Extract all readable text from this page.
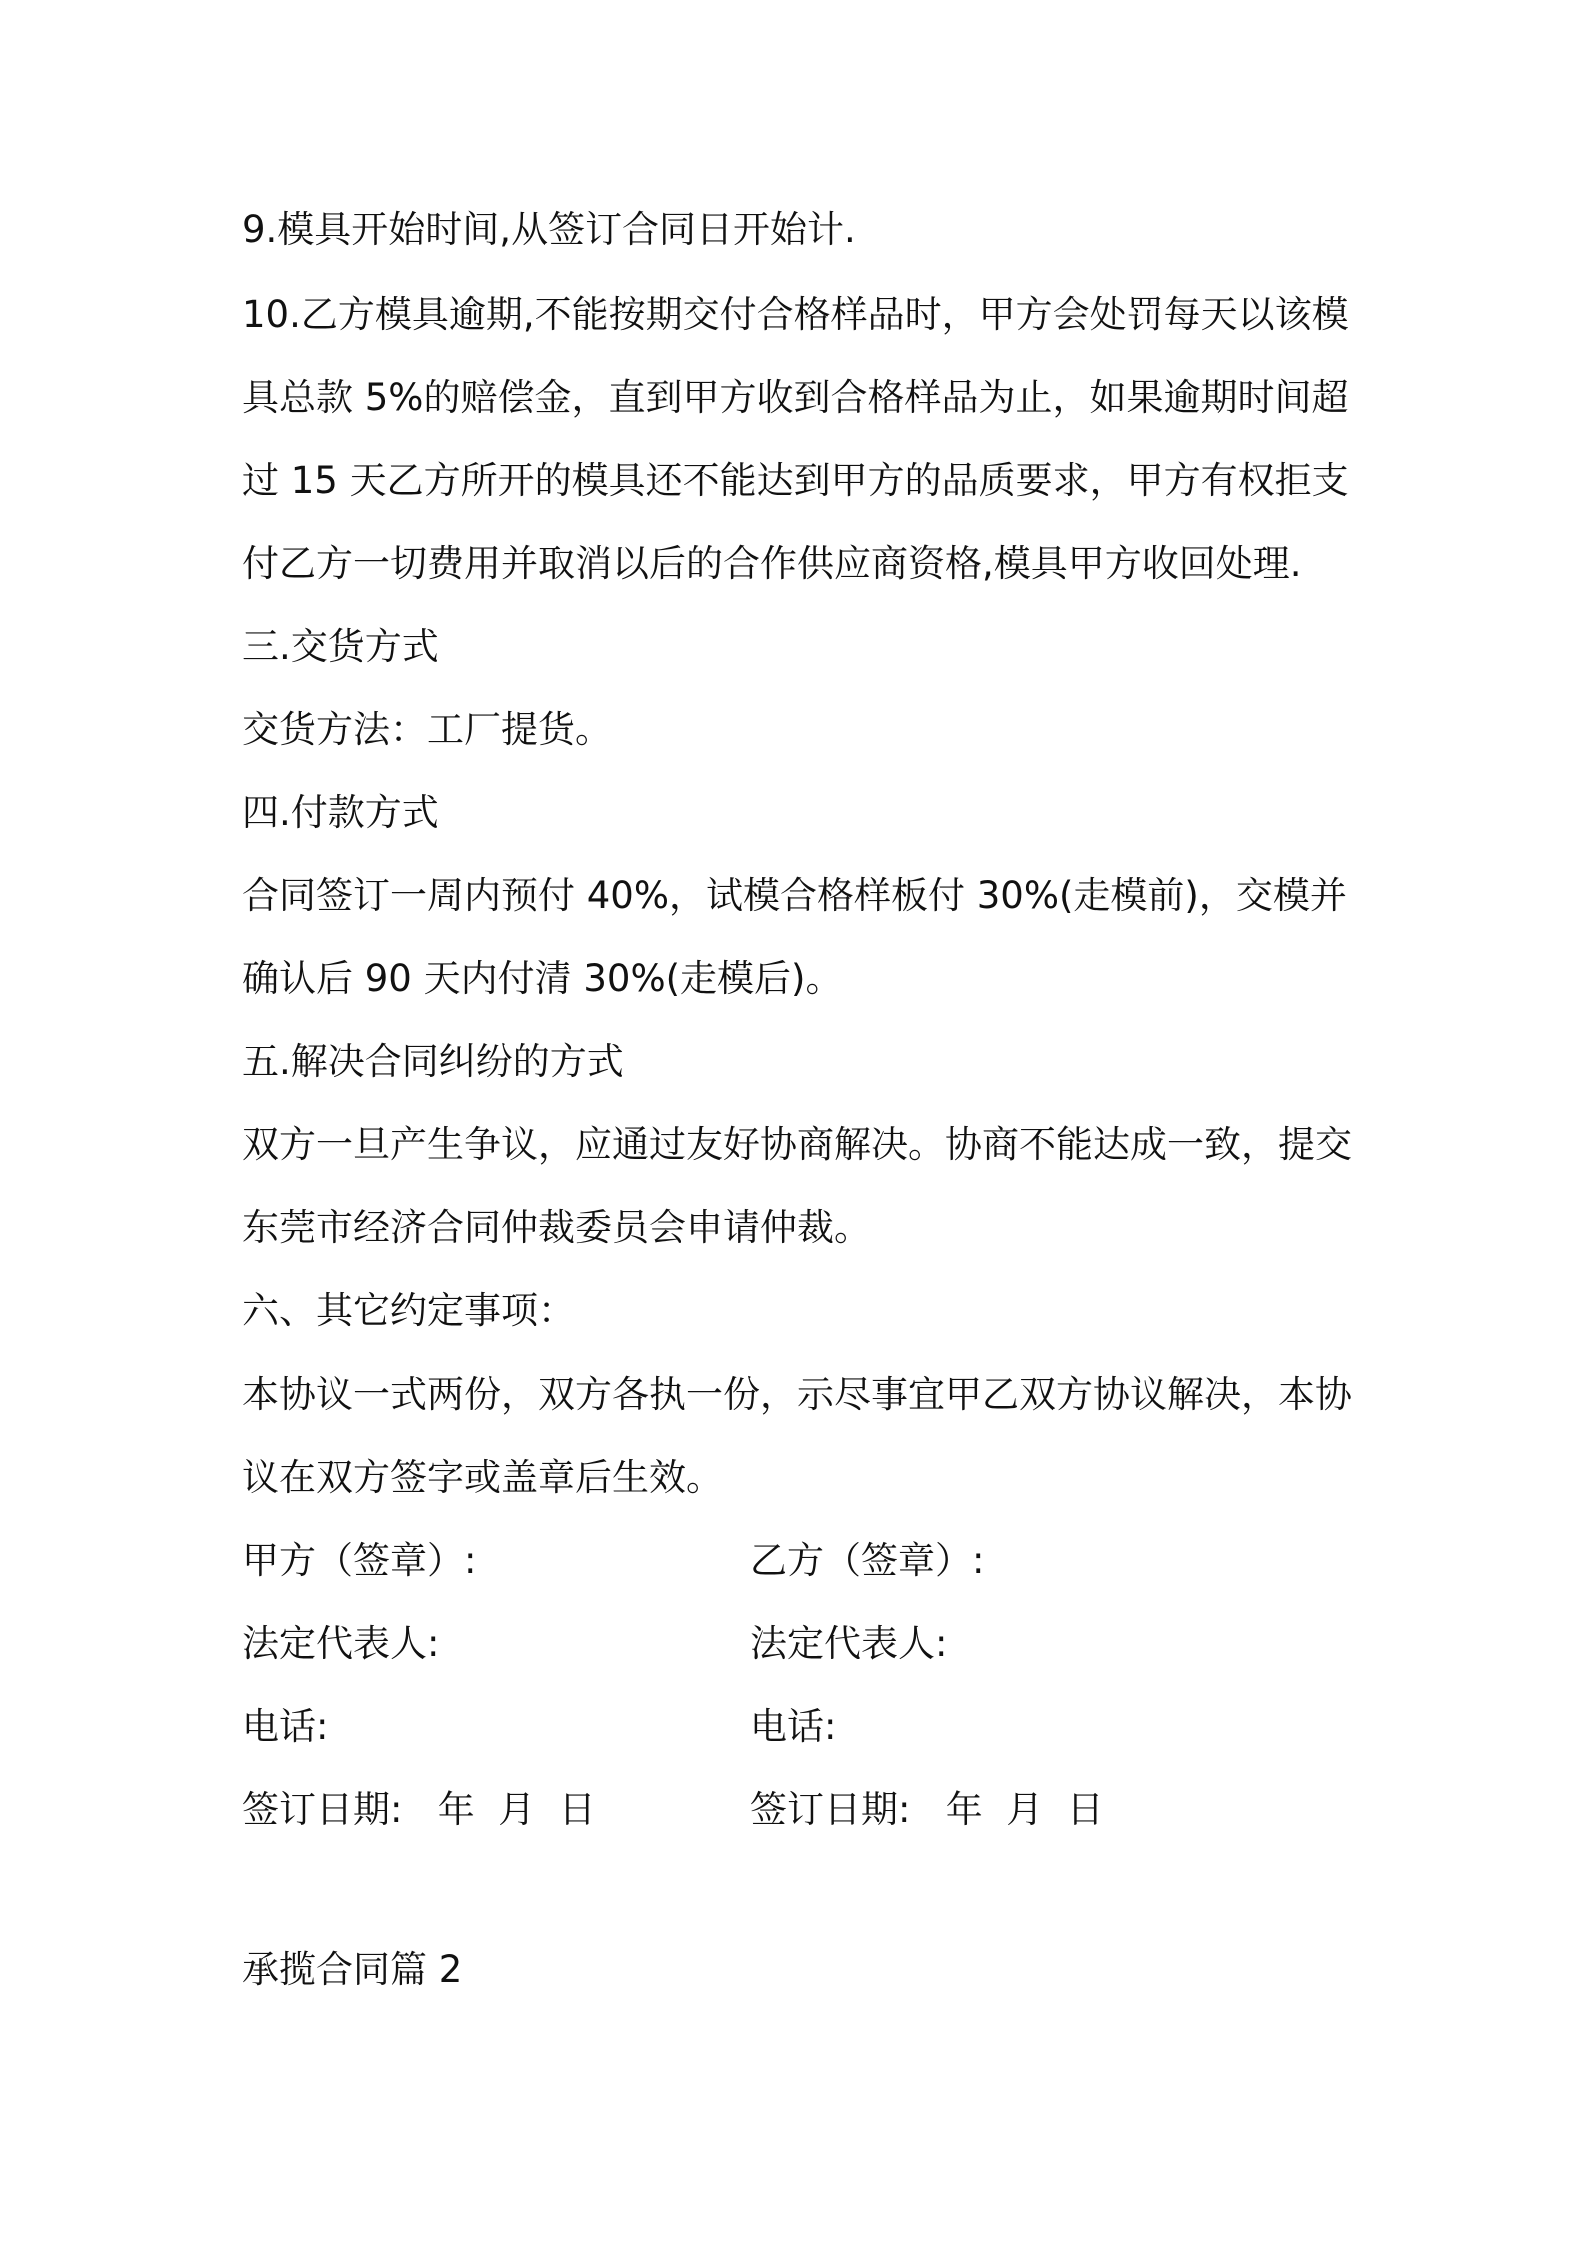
9.模具开始时间,从签订合同日开始计.
10.乙方模具逾期,不能按期交付合格样品时，甲方会处罚每天以该模
具总款 5%的赔偿金，直到甲方收到合格样品为止，如果逾期时间超
过 15 天乙方所开的模具还不能达到甲方的品质要求，甲方有权拒支
付乙方一切费用并取消以后的合作供应商资格,模具甲方收回处理.
三.交货方式
交货方法：工厂提货。
四.付款方式
合同签订一周内预付 40%，试模合格样板付 30%(走模前)，交模并
确认后 90 天内付清 30%(走模后)。
五.解决合同纠纷的方式
双方一旦产生争议，应通过友好协商解决。协商不能达成一致，提交
东莞市经济合同仲裁委员会申请仲裁。
六、其它约定事项：
本协议一式两份，双方各执一份，示尽事宜甲乙双方协议解决，本协
议在双方签字或盖章后生效。
甲方（签章）:	乙方（签章）:
法定代表人:	法定代表人:
电话:	电话:
签订日期:   年  月  日	签订日期:   年  月  日
承揽合同篇 2
